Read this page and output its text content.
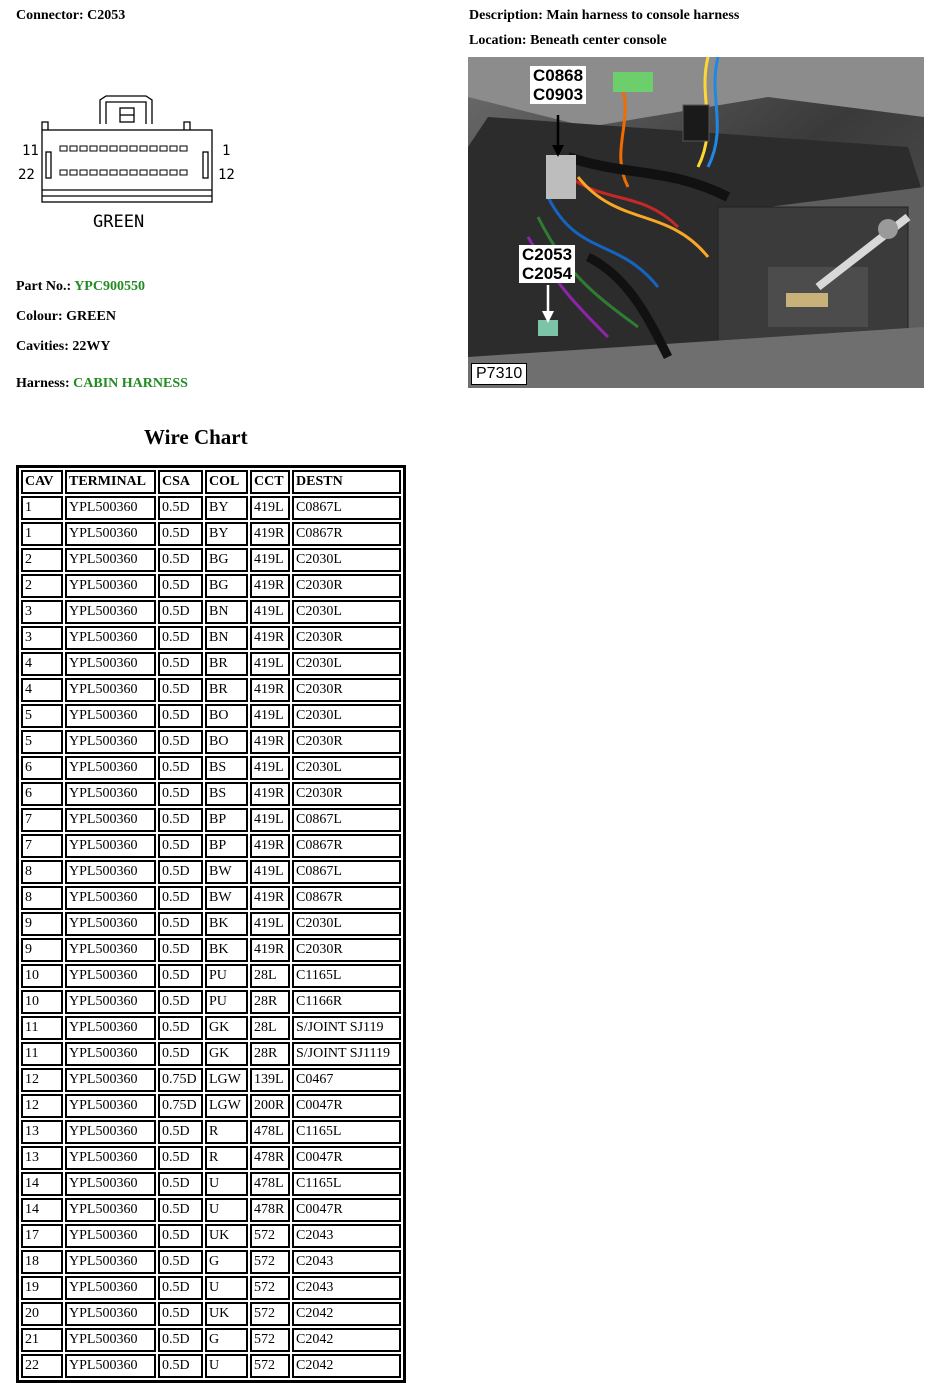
Connector: C2053	Description: Main harness to console harness
Location: Beneath center console
11
22
1
12
GREEN
Part No.: YPC900550
Colour: GREEN
Cavities: 22WY
Harness: CABIN HARNESS
C0868
C0903
C2053
C2054
P7310
Wire Chart
CAV	TERMINAL	CSA	COL	CCT	DESTN
1	YPL500360	0.5D	BY	419L	C0867L
1	YPL500360	0.5D	BY	419R	C0867R
2	YPL500360	0.5D	BG	419L	C2030L
2	YPL500360	0.5D	BG	419R	C2030R
3	YPL500360	0.5D	BN	419L	C2030L
3	YPL500360	0.5D	BN	419R	C2030R
4	YPL500360	0.5D	BR	419L	C2030L
4	YPL500360	0.5D	BR	419R	C2030R
5	YPL500360	0.5D	BO	419L	C2030L
5	YPL500360	0.5D	BO	419R	C2030R
6	YPL500360	0.5D	BS	419L	C2030L
6	YPL500360	0.5D	BS	419R	C2030R
7	YPL500360	0.5D	BP	419L	C0867L
7	YPL500360	0.5D	BP	419R	C0867R
8	YPL500360	0.5D	BW	419L	C0867L
8	YPL500360	0.5D	BW	419R	C0867R
9	YPL500360	0.5D	BK	419L	C2030L
9	YPL500360	0.5D	BK	419R	C2030R
10	YPL500360	0.5D	PU	28L	C1165L
10	YPL500360	0.5D	PU	28R	C1166R
11	YPL500360	0.5D	GK	28L	S/JOINT SJ119
11	YPL500360	0.5D	GK	28R	S/JOINT SJ1119
12	YPL500360	0.75D	LGW	139L	C0467
12	YPL500360	0.75D	LGW	200R	C0047R
13	YPL500360	0.5D	R	478L	C1165L
13	YPL500360	0.5D	R	478R	C0047R
14	YPL500360	0.5D	U	478L	C1165L
14	YPL500360	0.5D	U	478R	C0047R
17	YPL500360	0.5D	UK	572	C2043
18	YPL500360	0.5D	G	572	C2043
19	YPL500360	0.5D	U	572	C2043
20	YPL500360	0.5D	UK	572	C2042
21	YPL500360	0.5D	G	572	C2042
22	YPL500360	0.5D	U	572	C2042
